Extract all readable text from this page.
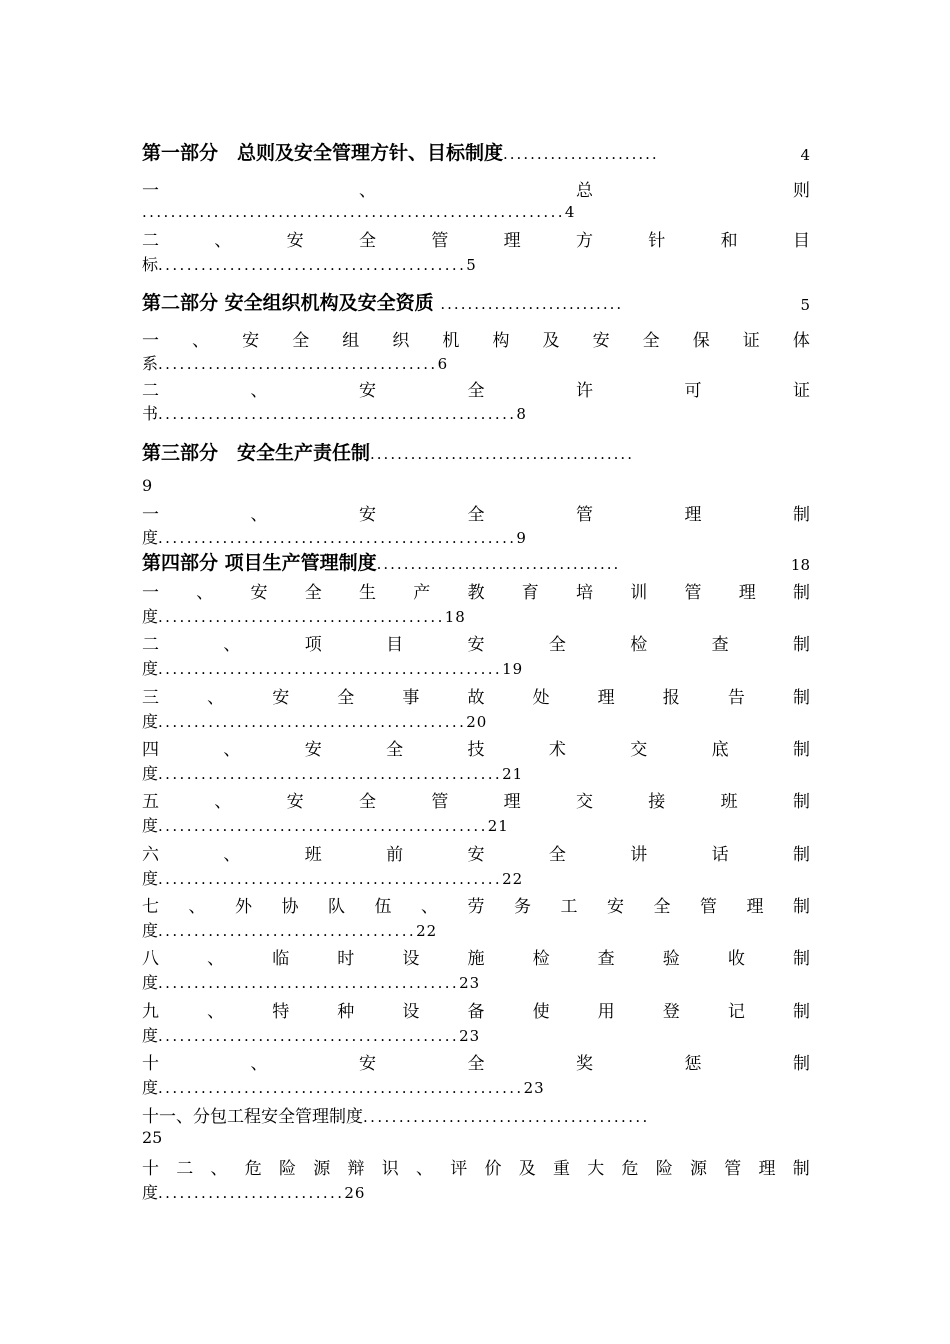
第一部分　总则及安全管理方针、目标制度.......................	4
一	、	总	则
...........................................................4
二	、	安	全	管	理	方	针	和	目
标...........................................5
第二部分 安全组织机构及安全资质 ...........................	5
一 、 安 全 组 织 机 构 及 安 全 保 证 体
系.......................................6
二	、	安	全	许	可	证
书..................................................8
第三部分　安全生产责任制.......................................
9
一	、	安	全	管	理	制
度..................................................9
第四部分 项目生产管理制度....................................	18
一 、 安 全 生 产 教 育 培 训 管 理 制
度........................................18
二	、	项	目	安	全	检	查	制
度................................................19
三	、	安	全	事	故	处	理	报	告	制
度...........................................20
四	、	安	全	技	术	交	底	制
度................................................21
五	、	安	全	管	理	交	接	班	制
度..............................................21
六	、	班	前	安	全	讲	话	制
度................................................22
七 、 外 协 队 伍 、 劳 务 工 安 全 管 理 制
度....................................22
八	、	临	时	设	施	检	查	验	收	制
度..........................................23
九	、	特	种	设	备	使	用	登	记	制
度..........................................23
十	、	安	全	奖	惩	制
度...................................................23
十一、分包工程安全管理制度........................................
25
十 二 、 危 险 源 辩 识 、 评 价 及 重 大 危 险 源 管 理 制
度..........................26
